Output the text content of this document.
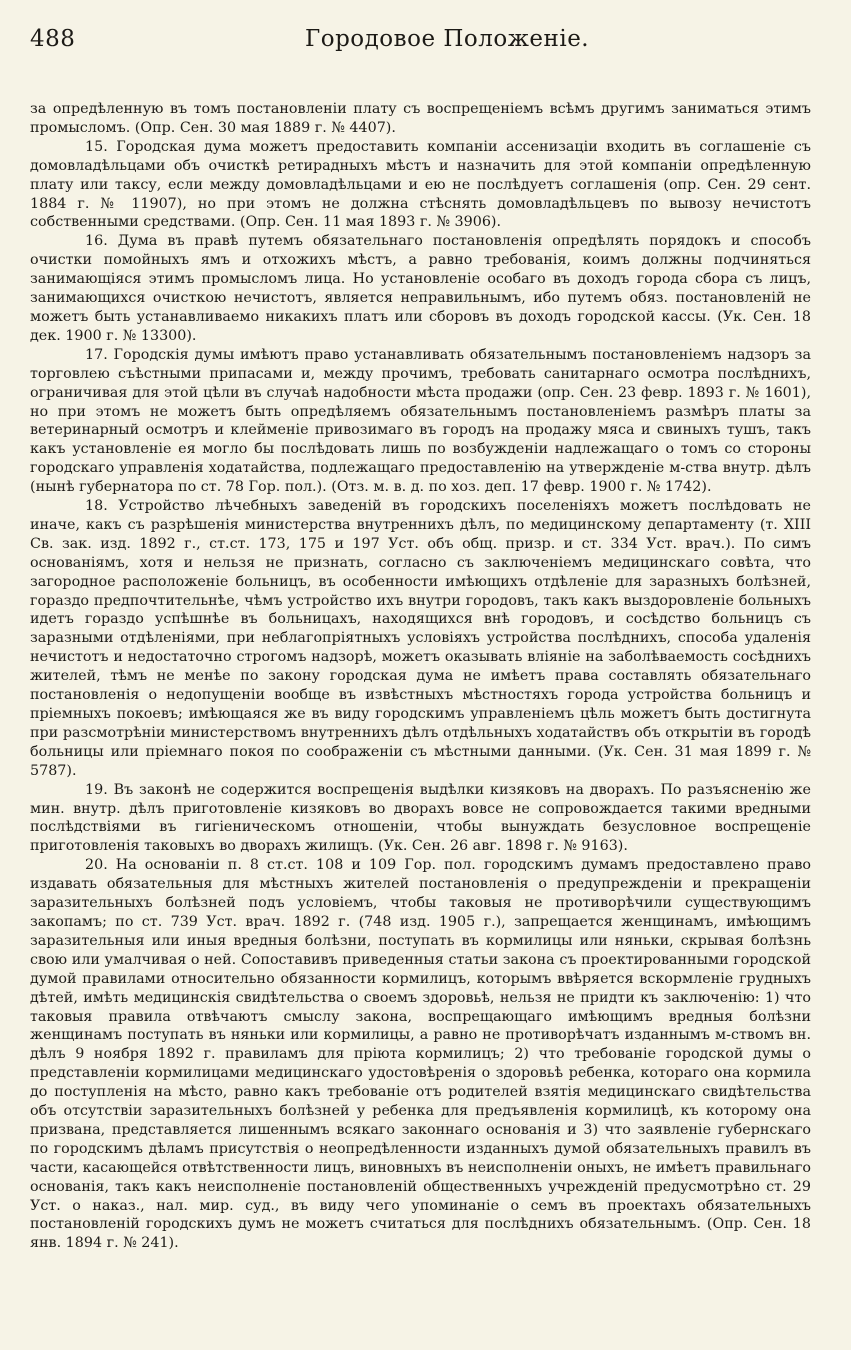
488	Городовое Положеніе.

за опредѣленную въ томъ постановленіи плату съ воспрещеніемъ всѣмъ другимъ заниматься этимъ промысломъ. (Опр. Сен. 30 мая 1889 г. № 4407).

15. Городская дума можетъ предоставить компаніи ассенизаціи входить въ соглашеніе съ домовладѣльцами объ очисткѣ ретирадныхъ мѣстъ и назначить для этой компаніи опредѣленную плату или таксу, если между домовладѣльцами и ею не послѣдуетъ соглашенія (опр. Сен. 29 сент. 1884 г. № 11907), но при этомъ не должна стѣснять домовладѣльцевъ по вывозу нечистотъ собственными средствами. (Опр. Сен. 11 мая 1893 г. № 3906).

16. Дума въ правѣ путемъ обязательнаго постановленія опредѣлять порядокъ и способъ очистки помойныхъ ямъ и отхожихъ мѣстъ, а равно требованія, коимъ должны подчиняться занимающіяся этимъ промысломъ лица. Но установленіе особаго въ доходъ города сбора съ лицъ, занимающихся очисткою нечистотъ, является неправильнымъ, ибо путемъ обяз. постановленій не можетъ быть устанавливаемо никакихъ платъ или сборовъ въ доходъ городской кассы. (Ук. Сен. 18 дек. 1900 г. № 13300).

17. Городскія думы имѣютъ право устанавливать обязательнымъ постановленіемъ надзоръ за торговлею съѣстными припасами и, между прочимъ, требовать санитарнаго осмотра послѣднихъ, ограничивая для этой цѣли въ случаѣ надобности мѣста продажи (опр. Сен. 23 февр. 1893 г. № 1601), но при этомъ не можетъ быть опредѣляемъ обязательнымъ постановленіемъ размѣръ платы за ветеринарный осмотръ и клейменіе привозимаго въ городъ на продажу мяса и свиныхъ тушъ, такъ какъ установленіе ея могло бы послѣдовать лишь по возбужденіи надлежащаго о томъ со стороны городскаго управленія ходатайства, подлежащаго предоставленію на утвержденіе м-ства внутр. дѣлъ (нынѣ губернатора по ст. 78 Гор. пол.). (Отз. м. в. д. по хоз. деп. 17 февр. 1900 г. № 1742).

18. Устройство лѣчебныхъ заведеній въ городскихъ поселеніяхъ можетъ послѣдовать не иначе, какъ съ разрѣшенія министерства внутреннихъ дѣлъ, по медицинскому департаменту (т. XIII Св. зак. изд. 1892 г., ст.ст. 173, 175 и 197 Уст. объ общ. призр. и ст. 334 Уст. врач.). По симъ основаніямъ, хотя и нельзя не признать, согласно съ заключеніемъ медицинскаго совѣта, что загородное расположеніе больницъ, въ особенности имѣющихъ отдѣленіе для заразныхъ болѣзней, гораздо предпочтительнѣе, чѣмъ устройство ихъ внутри городовъ, такъ какъ выздоровленіе больныхъ идетъ гораздо успѣшнѣе въ больницахъ, находящихся внѣ городовъ, и сосѣдство больницъ съ заразными отдѣленіями, при неблагопріятныхъ условіяхъ устройства послѣднихъ, способа удаленія нечистотъ и недостаточно строгомъ надзорѣ, можетъ оказывать вліяніе на заболѣваемость сосѣднихъ жителей, тѣмъ не менѣе по закону городская дума не имѣетъ права составлять обязательнаго постановленія о недопущеніи вообще въ извѣстныхъ мѣстностяхъ города устройства больницъ и пріемныхъ покоевъ; имѣющаяся же въ виду городскимъ управленіемъ цѣль можетъ быть достигнута при разсмотрѣніи министерствомъ внутреннихъ дѣлъ отдѣльныхъ ходатайствъ объ открытіи въ городѣ больницы или пріемнаго покоя по соображеніи съ мѣстными данными. (Ук. Сен. 31 мая 1899 г. № 5787).

19. Въ законѣ не содержится воспрещенія выдѣлки кизяковъ на дворахъ. По разъясненію же мин. внутр. дѣлъ приготовленіе кизяковъ во дворахъ вовсе не сопровождается такими вредными послѣдствіями въ гигіеническомъ отношеніи, чтобы вынуждать безусловное воспрещеніе приготовленія таковыхъ во дворахъ жилищъ. (Ук. Сен. 26 авг. 1898 г. № 9163).

20. На основаніи п. 8 ст.ст. 108 и 109 Гор. пол. городскимъ думамъ предоставлено право издавать обязательныя для мѣстныхъ жителей постановленія о предупрежденіи и прекращеніи заразительныхъ болѣзней подъ условіемъ, чтобы таковыя не противорѣчили существующимъ закопамъ; по ст. 739 Уст. врач. 1892 г. (748 изд. 1905 г.), запрещается женщинамъ, имѣющимъ заразительныя или иныя вредныя болѣзни, поступать въ кормилицы или няньки, скрывая болѣзнь свою или умалчивая о ней. Сопоставивъ приведенныя статьи закона съ проектированными городской думой правилами относительно обязанности кормилицъ, которымъ ввѣряется вскормленіе грудныхъ дѣтей, имѣть медицинскія свидѣтельства о своемъ здоровьѣ, нельзя не придти къ заключенію: 1) что таковыя правила отвѣчаютъ смыслу закона, воспрещающаго имѣющимъ вредныя болѣзни женщинамъ поступать въ няньки или кормилицы, а равно не противорѣчатъ изданнымъ м-ствомъ вн. дѣлъ 9 ноября 1892 г. правиламъ для пріюта кормилицъ; 2) что требованіе городской думы о представленіи кормилицами медицинскаго удостовѣренія о здоровьѣ ребенка, котораго она кормила до поступленія на мѣсто, равно какъ требованіе отъ родителей взятія медицинскаго свидѣтельства объ отсутствіи заразительныхъ болѣзней у ребенка для предъявленія кормилицѣ, къ которому она призвана, представляется лишеннымъ всякаго законнаго основанія и 3) что заявленіе губернскаго по городскимъ дѣламъ присутствія о неопредѣленности изданныхъ думой обязательныхъ правилъ въ части, касающейся отвѣтственности лицъ, виновныхъ въ неисполненіи оныхъ, не имѣетъ правильнаго основанія, такъ какъ неисполненіе постановленій общественныхъ учрежденій предусмотрѣно ст. 29 Уст. о наказ., нал. мир. суд., въ виду чего упоминаніе о семъ въ проектахъ обязательныхъ постановленій городскихъ думъ не можетъ считаться для послѣднихъ обязательнымъ. (Опр. Сен. 18 янв. 1894 г. № 241).
